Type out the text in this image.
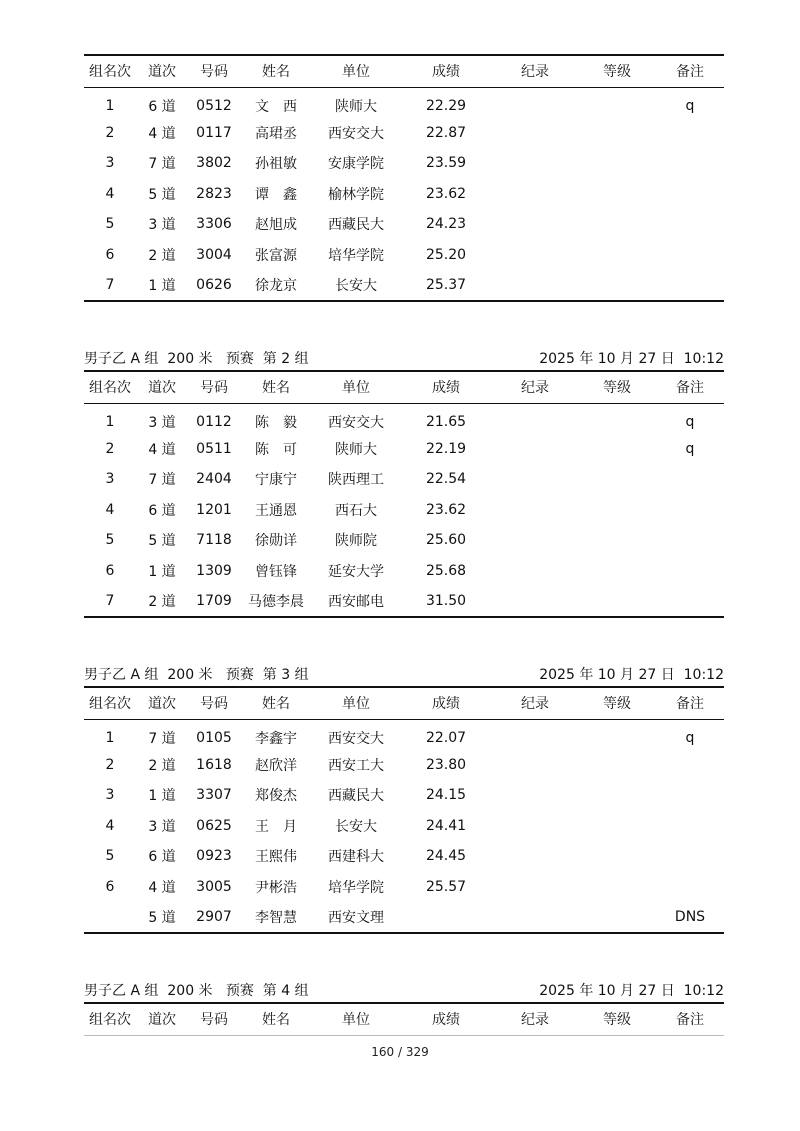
组名次	道次	号码	姓名	单位	成绩	纪录	等级	备注
1	6 道	0512	文　西	陕师大	22.29			q
2	4 道	0117	高珺丞	西安交大	22.87			
3	7 道	3802	孙祖敏	安康学院	23.59			
4	5 道	2823	谭　鑫	榆林学院	23.62			
5	3 道	3306	赵旭成	西藏民大	24.23			
6	2 道	3004	张富源	培华学院	25.20			
7	1 道	0626	徐龙京	长安大	25.37			
男子乙 A 组  200 米   预赛  第 2 组	2025 年 10 月 27 日  10:12
组名次	道次	号码	姓名	单位	成绩	纪录	等级	备注
1	3 道	0112	陈　毅	西安交大	21.65			q
2	4 道	0511	陈　可	陕师大	22.19			q
3	7 道	2404	宁康宁	陕西理工	22.54			
4	6 道	1201	王通恩	西石大	23.62			
5	5 道	7118	徐勋详	陕师院	25.60			
6	1 道	1309	曾钰锋	延安大学	25.68			
7	2 道	1709	马德李晨	西安邮电	31.50			
男子乙 A 组  200 米   预赛  第 3 组	2025 年 10 月 27 日  10:12
组名次	道次	号码	姓名	单位	成绩	纪录	等级	备注
1	7 道	0105	李鑫宇	西安交大	22.07			q
2	2 道	1618	赵欣洋	西安工大	23.80			
3	1 道	3307	郑俊杰	西藏民大	24.15			
4	3 道	0625	王　月	长安大	24.41			
5	6 道	0923	王熙伟	西建科大	24.45			
6	4 道	3005	尹彬浩	培华学院	25.57			
	5 道	2907	李智慧	西安文理				DNS
男子乙 A 组  200 米   预赛  第 4 组	2025 年 10 月 27 日  10:12
组名次	道次	号码	姓名	单位	成绩	纪录	等级	备注
160 / 329
